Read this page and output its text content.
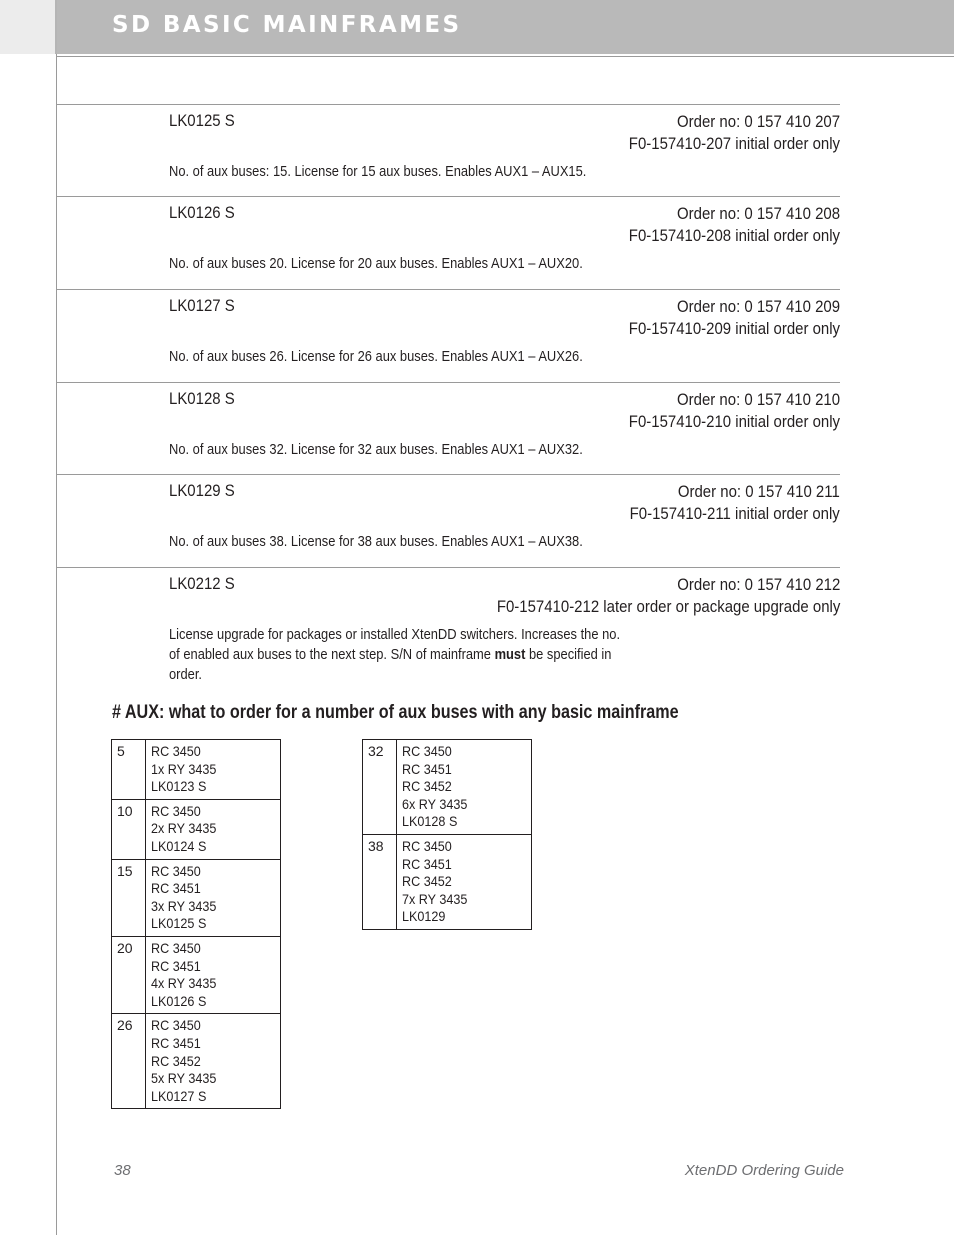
SD BASIC MAINFRAMES
LK0125 S	Order no: 0 157 410 207
F0-157410-207 initial order only
No. of aux buses: 15. License for 15 aux buses. Enables AUX1 – AUX15.
LK0126 S	Order no: 0 157 410 208
F0-157410-208 initial order only
No. of aux buses 20. License for 20 aux buses. Enables AUX1 – AUX20.
LK0127 S	Order no: 0 157 410 209
F0-157410-209 initial order only
No. of aux buses 26. License for 26 aux buses. Enables AUX1 – AUX26.
LK0128 S	Order no: 0 157 410 210
F0-157410-210 initial order only
No. of aux buses 32. License for 32 aux buses. Enables AUX1 – AUX32.
LK0129 S	Order no: 0 157 410 211
F0-157410-211 initial order only
No. of aux buses 38. License for 38 aux buses. Enables AUX1 – AUX38.
LK0212 S	Order no: 0 157 410 212
F0-157410-212 later order or package upgrade only
License upgrade for packages or installed XtenDD switchers. Increases the no.
of enabled aux buses to the next step. S/N of mainframe must be specified in
order.
# AUX: what to order for a number of aux buses with any basic mainframe
5	RC 3450
1x RY 3435
LK0123 S

10	RC 3450
2x RY 3435
LK0124 S

15	RC 3450
RC 3451
3x RY 3435
LK0125 S

20	RC 3450
RC 3451
4x RY 3435
LK0126 S

26	RC 3450
RC 3451
RC 3452
5x RY 3435
LK0127 S
32	RC 3450
RC 3451
RC 3452
6x RY 3435
LK0128 S

38	RC 3450
RC 3451
RC 3452
7x RY 3435
LK0129
38	XtenDD Ordering Guide
